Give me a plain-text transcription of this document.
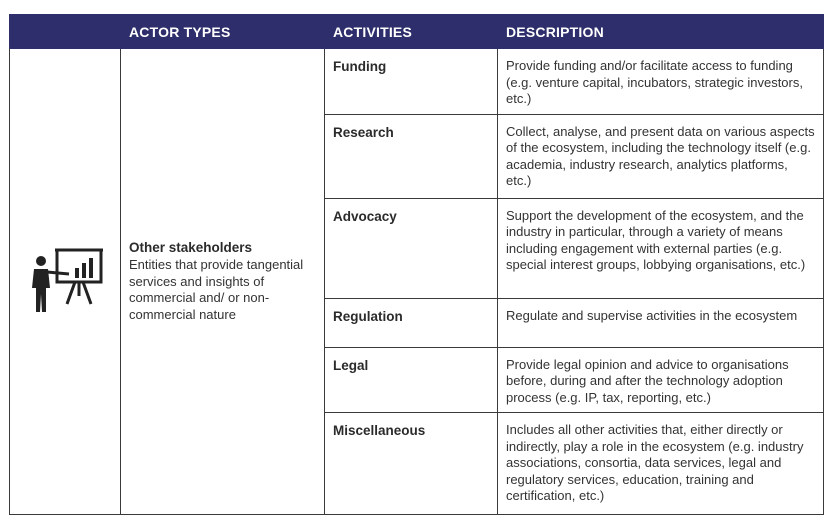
	ACTOR TYPES	ACTIVITIES	DESCRIPTION

Other stakeholders
Entities that provide tangential services and insights of commercial and/ or non-commercial nature	Funding	Provide funding and/or facilitate access to funding (e.g. venture capital, incubators, strategic investors, etc.)

		Research	Collect, analyse, and present data on various aspects of the ecosystem, including the technology itself (e.g. academia, industry research, analytics platforms, etc.)

		Advocacy	Support the development of the ecosystem, and the industry in particular, through a variety of means including engagement with external parties (e.g. special interest groups, lobbying organisations, etc.)

		Regulation	Regulate and supervise activities in the ecosystem

		Legal	Provide legal opinion and advice to organisations before, during and after the technology adoption process (e.g. IP, tax, reporting, etc.)

		Miscellaneous	Includes all other activities that, either directly or indirectly, play a role in the ecosystem (e.g. industry associations, consortia, data services, legal and regulatory services, education, training and certification, etc.)
